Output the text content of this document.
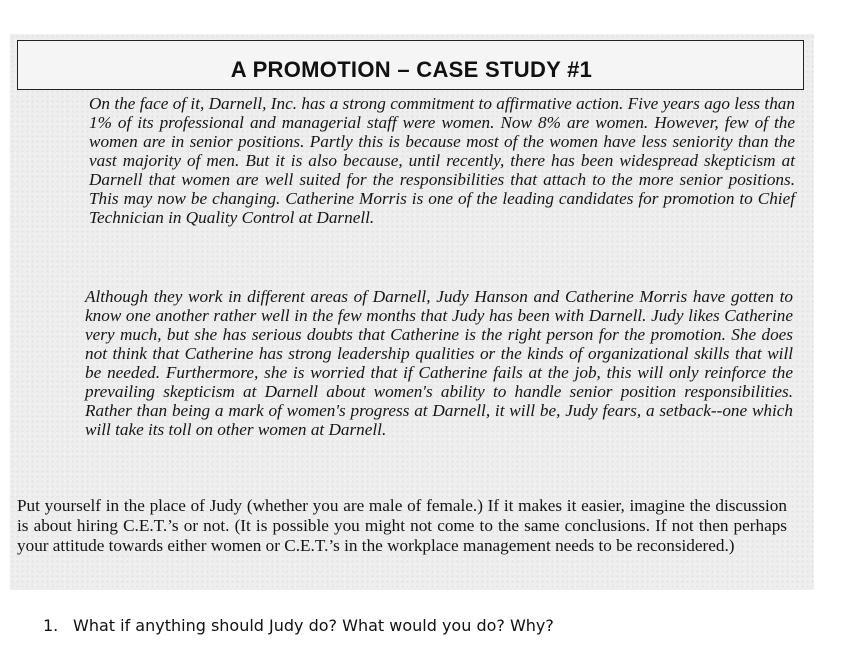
A PROMOTION – CASE STUDY #1

On the face of it, Darnell, Inc. has a strong commitment to affirmative action. Five years ago less than 1% of its professional and managerial staff were women. Now 8% are women. However, few of the women are in senior positions. Partly this is because most of the women have less seniority than the vast majority of men. But it is also because, until recently, there has been widespread skepticism at Darnell that women are well suited for the responsibilities that attach to the more senior positions. This may now be changing. Catherine Morris is one of the leading candidates for promotion to Chief Technician in Quality Control at Darnell.

Although they work in different areas of Darnell, Judy Hanson and Catherine Morris have gotten to know one another rather well in the few months that Judy has been with Darnell. Judy likes Catherine very much, but she has serious doubts that Catherine is the right person for the promotion. She does not think that Catherine has strong leadership qualities or the kinds of organizational skills that will be needed. Furthermore, she is worried that if Catherine fails at the job, this will only reinforce the prevailing skepticism at Darnell about women's ability to handle senior position responsibilities. Rather than being a mark of women's progress at Darnell, it will be, Judy fears, a setback--one which will take its toll on other women at Darnell.

Put yourself in the place of Judy (whether you are male of female.) If it makes it easier, imagine the discussion is about hiring C.E.T.’s or not. (It is possible you might not come to the same conclusions. If not then perhaps your attitude towards either women or C.E.T.’s in the workplace management needs to be reconsidered.)

1. What if anything should Judy do? What would you do? Why?
